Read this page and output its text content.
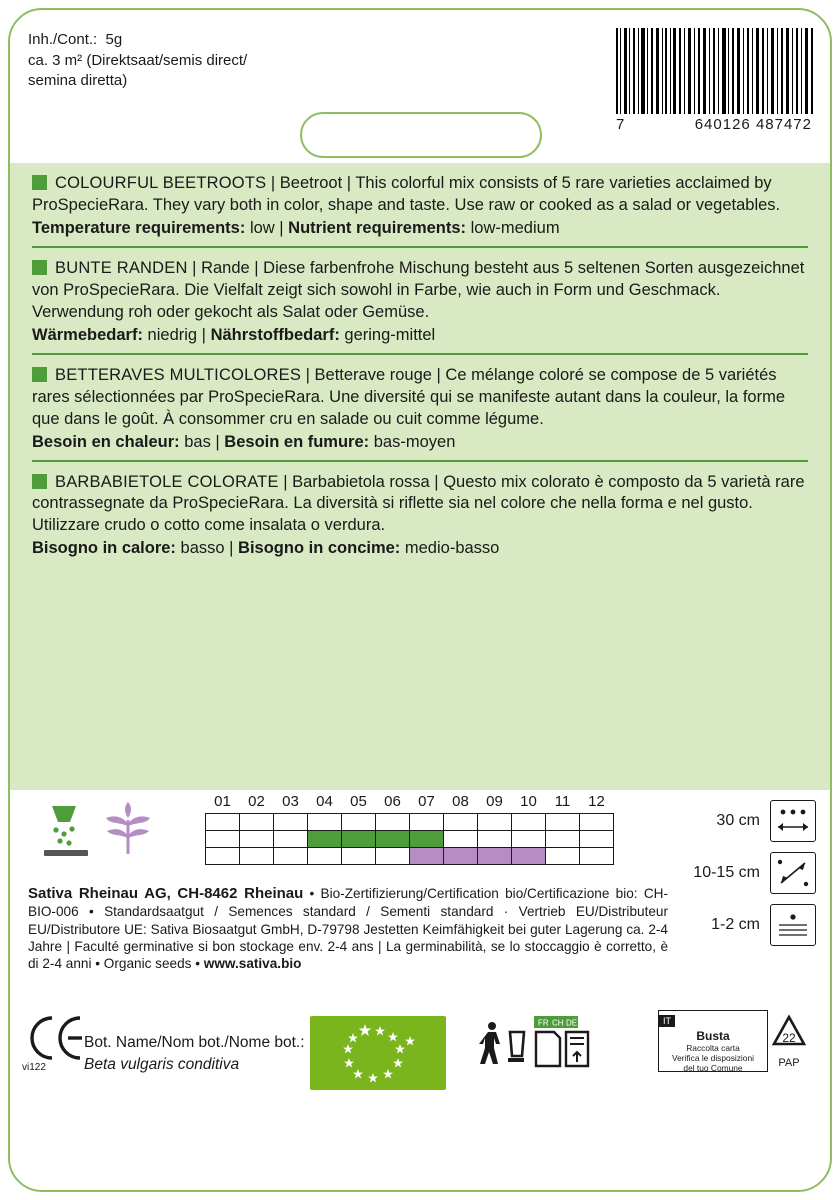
Inh./Cont.:  5g
ca. 3 m² (Direktsaat/semis direct/
semina diretta)
7	640126 487472
COLOURFUL BEETROOTS | Beetroot | This colorful mix consists of 5 rare varieties acclaimed by ProSpecieRara. They vary both in color, shape and taste. Use raw or cooked as a salad or vegetables.
Temperature requirements: low | Nutrient requirements: low-medium
BUNTE RANDEN | Rande | Diese farbenfrohe Mischung besteht aus 5 seltenen Sorten ausgezeichnet von ProSpecieRara. Die Vielfalt zeigt sich sowohl in Farbe, wie auch in Form und Geschmack. Verwendung roh oder gekocht als Salat oder Gemüse.
Wärmebedarf: niedrig | Nährstoffbedarf: gering-mittel
BETTERAVES MULTICOLORES | Betterave rouge | Ce mélange coloré se compose de 5 variétés rares sélectionnées par ProSpecieRara. Une diversité qui se manifeste autant dans la couleur, la forme que dans le goût. À consommer cru en salade ou cuit comme légume.
Besoin en chaleur: bas | Besoin en fumure: bas-moyen
BARBABIETOLE COLORATE | Barbabietola rossa | Questo mix colorato è composto da 5 varietà rare contrassegnate da ProSpecieRara. La diversità si riflette sia nel colore che nella forma e nel gusto. Utilizzare crudo o cotto come insalata o verdura.
Bisogno in calore: basso | Bisogno in concime: medio-basso
01	02	03	04	05	06	07	08	09	10	11	12

30 cm
10-15 cm
1-2 cm
Sativa Rheinau AG, CH-8462 Rheinau • Bio-Zertifizierung/Certification bio/Certificazione bio: CH-BIO-006 • Standardsaatgut / Semences standard / Sementi standard · Vertrieb EU/Distributeur EU/Distributore UE: Sativa Biosaatgut GmbH, D-79798 Jestetten Keimfähigkeit bei guter Lagerung ca. 2-4 Jahre | Faculté germinative si bon stockage env. 2-4 ans | La germinabilità, se lo stoccaggio è corretto, è di 2-4 anni • Organic seeds • www.sativa.bio
vi122
Bot. Name/Nom bot./Nome bot.:
Beta vulgaris conditiva
FR CH DE	IT
Busta
Raccolta carta
Verifica le disposizioni
del tuo Comune
22
PAP
